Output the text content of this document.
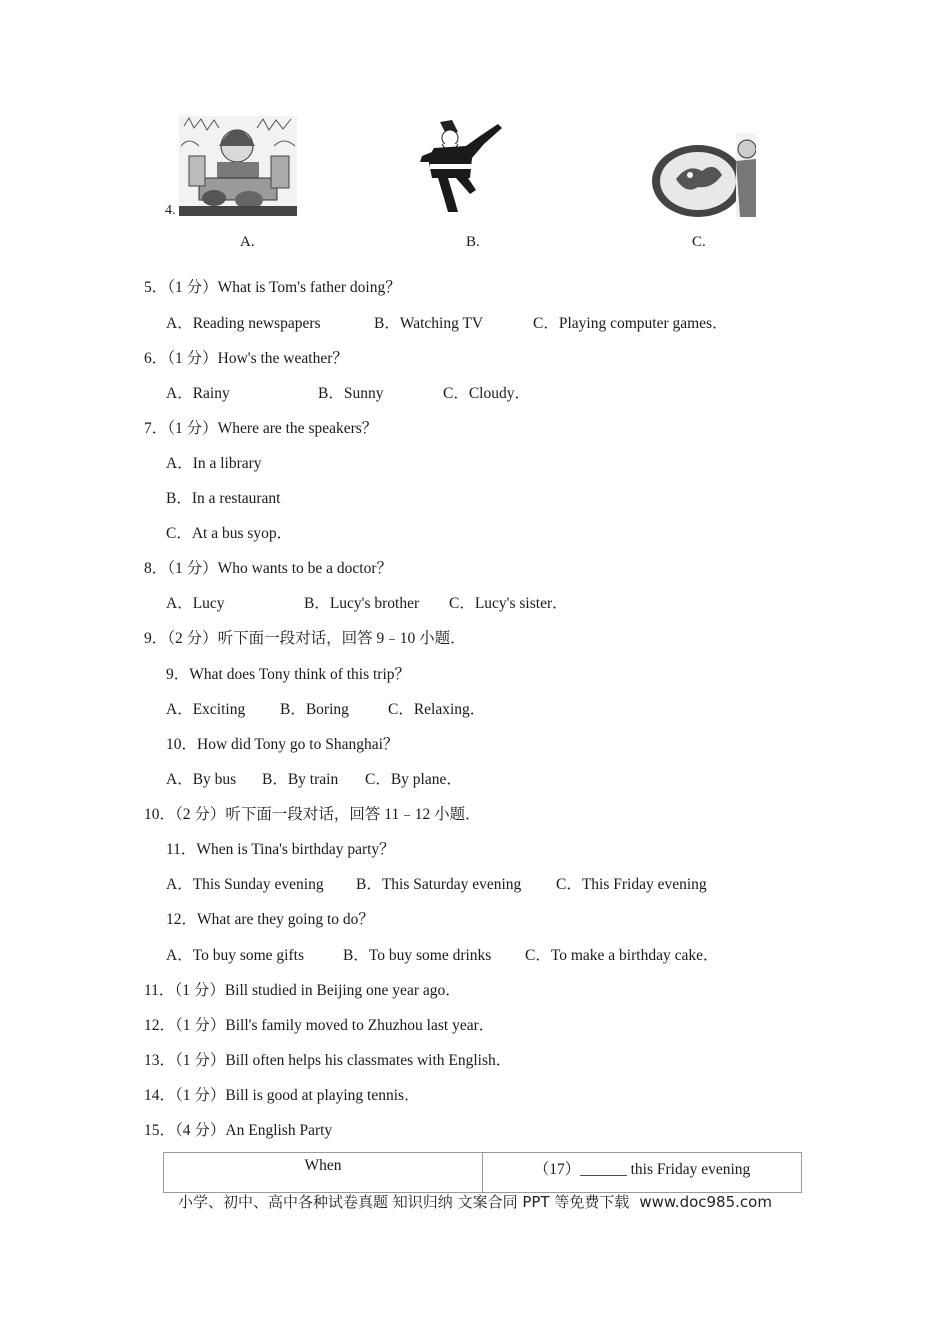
4.
A.	B.	C.
5．（1 分）What is Tom's father doing？
A．Reading newspapers	B．Watching TV	C．Playing computer games．
6．（1 分）How's the weather？
A．Rainy	B．Sunny	C．Cloudy．
7．（1 分）Where are the speakers？
A．In a library
B．In a restaurant
C．At a bus syop．
8．（1 分）Who wants to be a doctor？
A．Lucy	B．Lucy's brother C．Lucy's sister．
9．（2 分）听下面一段对话，回答 9﹣10 小题．
9．What does Tony think of this trip？
A．Exciting B．Boring	C．Relaxing．
10．How did Tony go to Shanghai？
A．By bus B．By train C．By plane．
10．（2 分）听下面一段对话，回答 11﹣12 小题．
11．When is Tina's birthday party？
A．This Sunday evening B．This Saturday evening C．This Friday evening
12．What are they going to do？
A．To buy some gifts	B．To buy some drinks C．To make a birthday cake．
11．（1 分）Bill studied in Beijing one year ago．
12．（1 分）Bill's family moved to Zhuzhou last year．
13．（1 分）Bill often helps his classmates with English．
14．（1 分）Bill is good at playing tennis．
15．（4 分）An English Party
When	（17）______ this Friday evening
小学、初中、高中各种试卷真题 知识归纳 文案合同 PPT 等免费下载 www.doc985.com
